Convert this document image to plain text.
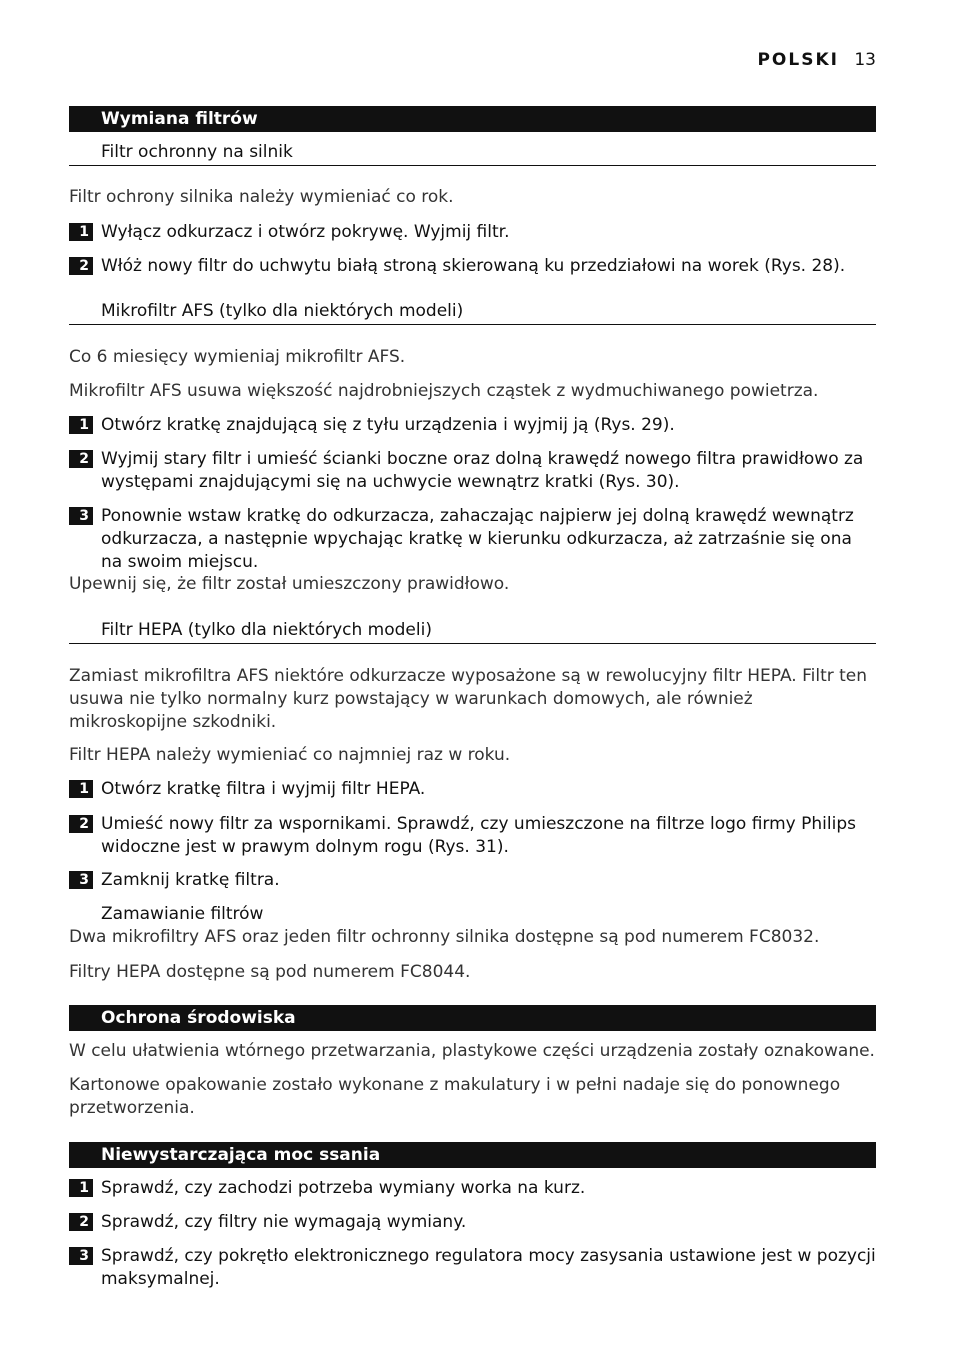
POLSKI 13
Wymiana filtrów
Filtr ochronny na silnik

Filtr ochrony silnika należy wymieniać co rok.

1 Wyłącz odkurzacz i otwórz pokrywę. Wyjmij filtr.
2 Włóż nowy filtr do uchwytu białą stroną skierowaną ku przedziałowi na worek (Rys. 28).
Mikrofiltr AFS (tylko dla niektórych modeli)

Co 6 miesięcy wymieniaj mikrofiltr AFS.

Mikrofiltr AFS usuwa większość najdrobniejszych cząstek z wydmuchiwanego powietrza.

1 Otwórz kratkę znajdującą się z tyłu urządzenia i wyjmij ją (Rys. 29).
2 Wyjmij stary filtr i umieść ścianki boczne oraz dolną krawędź nowego filtra prawidłowo za występami znajdującymi się na uchwycie wewnątrz kratki (Rys. 30).
3 Ponownie wstaw kratkę do odkurzacza, zahaczając najpierw jej dolną krawędź wewnątrz odkurzacza, a następnie wpychając kratkę w kierunku odkurzacza, aż zatrzaśnie się ona na swoim miejscu.

Upewnij się, że filtr został umieszczony prawidłowo.

Filtr HEPA (tylko dla niektórych modeli)

Zamiast mikrofiltra AFS niektóre odkurzacze wyposażone są w rewolucyjny filtr HEPA. Filtr ten usuwa nie tylko normalny kurz powstający w warunkach domowych, ale również mikroskopijne szkodniki.

Filtr HEPA należy wymieniać co najmniej raz w roku.

1 Otwórz kratkę filtra i wyjmij filtr HEPA.
2 Umieść nowy filtr za wspornikami. Sprawdź, czy umieszczone na filtrze logo firmy Philips widoczne jest w prawym dolnym rogu (Rys. 31).
3 Zamknij kratkę filtra.
Zamawianie filtrów

Dwa mikrofiltry AFS oraz jeden filtr ochronny silnika dostępne są pod numerem FC8032.

Filtry HEPA dostępne są pod numerem FC8044.

Ochrona środowiska

W celu ułatwienia wtórnego przetwarzania, plastykowe części urządzenia zostały oznakowane.

Kartonowe opakowanie zostało wykonane z makulatury i w pełni nadaje się do ponownego przetworzenia.

Niewystarczająca moc ssania
1 Sprawdź, czy zachodzi potrzeba wymiany worka na kurz.
2 Sprawdź, czy filtry nie wymagają wymiany.
3 Sprawdź, czy pokrętło elektronicznego regulatora mocy zasysania ustawione jest w pozycji maksymalnej.
